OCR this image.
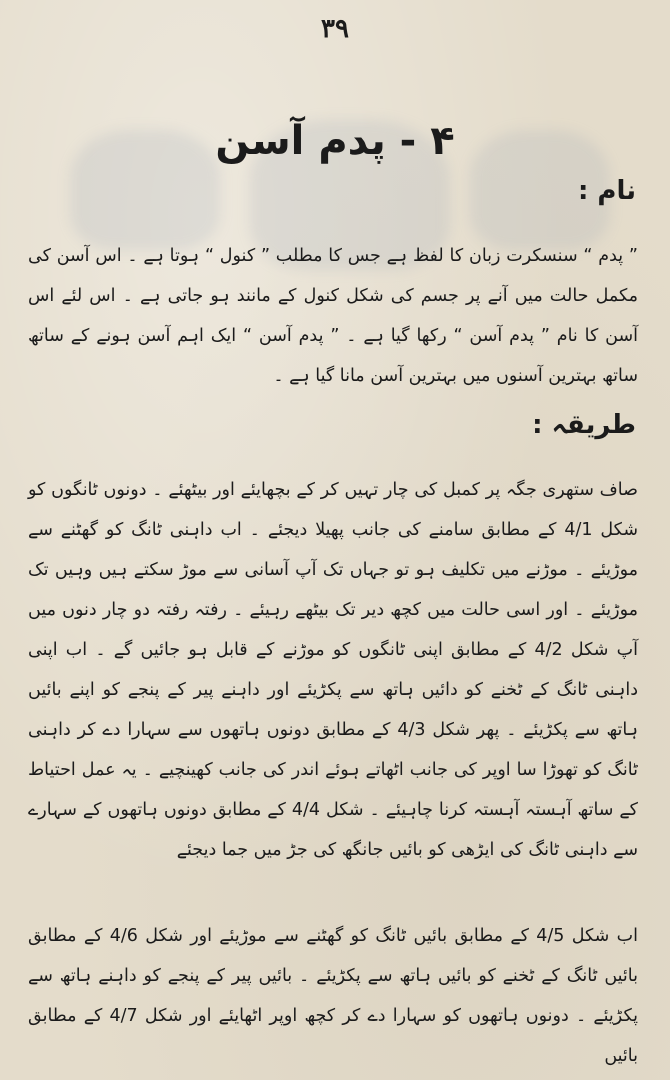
۳۹
۴ - پدم آسن
نام :

” پدم “ سنسکرت زبان کا لفظ ہے جس کا مطلب ” کنول “ ہوتا ہے ۔ اس آسن کی مکمل حالت میں آنے پر جسم کی شکل کنول کے مانند ہو جاتی ہے ۔ اس لئے اس آسن کا نام ” پدم آسن “ رکھا گیا ہے ۔ ” پدم آسن “ ایک اہم آسن ہونے کے ساتھ ساتھ بہترین آسنوں میں بہترین آسن مانا گیا ہے ۔

طریقہ :

صاف ستھری جگہ پر کمبل کی چار تہیں کر کے بچھایئے اور بیٹھئے ۔ دونوں ٹانگوں کو شکل 4/1 کے مطابق سامنے کی جانب پھیلا دیجئے ۔ اب داہنی ٹانگ کو گھٹنے سے موڑیئے ۔ موڑنے میں تکلیف ہو تو جہاں تک آپ آسانی سے موڑ سکتے ہیں وہیں تک موڑیئے ۔ اور اسی حالت میں کچھ دیر تک بیٹھے رہیئے ۔ رفتہ رفتہ دو چار دنوں میں آپ شکل 4/2 کے مطابق اپنی ٹانگوں کو موڑنے کے قابل ہو جائیں گے ۔ اب اپنی داہنی ٹانگ کے ٹخنے کو دائیں ہاتھ سے پکڑیئے اور داہنے پیر کے پنجے کو اپنے بائیں ہاتھ سے پکڑیئے ۔ پھر شکل 4/3 کے مطابق دونوں ہاتھوں سے سہارا دے کر داہنی ٹانگ کو تھوڑا سا اوپر کی جانب اٹھاتے ہوئے اندر کی جانب کھینچیے ۔ یہ عمل احتیاط کے ساتھ آہستہ آہستہ کرنا چاہیئے ۔ شکل 4/4 کے مطابق دونوں ہاتھوں کے سہارے سے داہنی ٹانگ کی ایڑھی کو بائیں جانگھ کی جڑ میں جما دیجئے

اب شکل 4/5 کے مطابق بائیں ٹانگ کو گھٹنے سے موڑیئے اور شکل 4/6 کے مطابق بائیں ٹانگ کے ٹخنے کو بائیں ہاتھ سے پکڑیئے ۔ بائیں پیر کے پنجے کو داہنے ہاتھ سے پکڑیئے ۔ دونوں ہاتھوں کو سہارا دے کر کچھ اوپر اٹھایئے اور شکل 4/7 کے مطابق بائیں
